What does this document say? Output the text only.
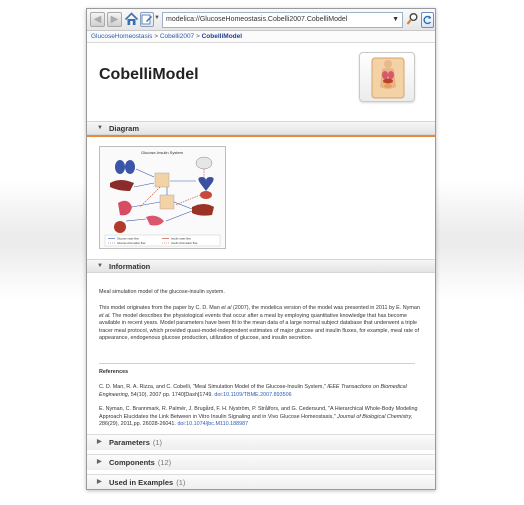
◀ ▶	▼ modelica://GlucoseHomeostasis.Cobelli2007.CobelliModel	▼
GlucoseHomeostasis > Cobelli2007 > CobelliModel
CobelliModel
▼ Diagram
Glucose-Insulin System
Glucose mass flow
Glucose information flow
Insulin mass flow
Insulin information flow
▼ Information
Meal simulation model of the glucose-insulin system.
This model originates from the paper by C. D. Man et al (2007), the modelica version of the model was presented in 2011 by E. Nyman et al. The model describes the physiological events that occur after a meal by employing quantitative knowledge that has become available in recent years. Model parameters have been fit to the mean data of a large normal subject database that underwent a triple tracer meal protocol, which provided quasi-model-independent estimates of major glucose and insulin fluxes, for example, meal rate of appearance, endogenous glucose production, utilization of glucose, and insulin secretion.
References
C. D. Man, R. A. Rizza, and C. Cobelli, "Meal Simulation Model of the Glucose-Insulin System," IEEE Transactions on Biomedical Engineering, 54(10), 2007 pp. 1740[Dash]1749. doi:10.1109/TBME.2007.893506
E. Nyman, C. Brannmark, R. Palmér, J. Brugård, F. H. Nyström, P. Strålfors, and G. Cedersund, "A Hierarchical Whole-Body Modeling Approach Elucidates the Link Between in Vitro Insulin Signaling and in Vivo Glucose Homeostasis," Journal of Biological Chemistry, 286(29), 2011,pp. 26028-26041. doi:10.1074/jbc.M110.188987
▶ Parameters (1)
▶ Components (12)
▶ Used in Examples (1)
